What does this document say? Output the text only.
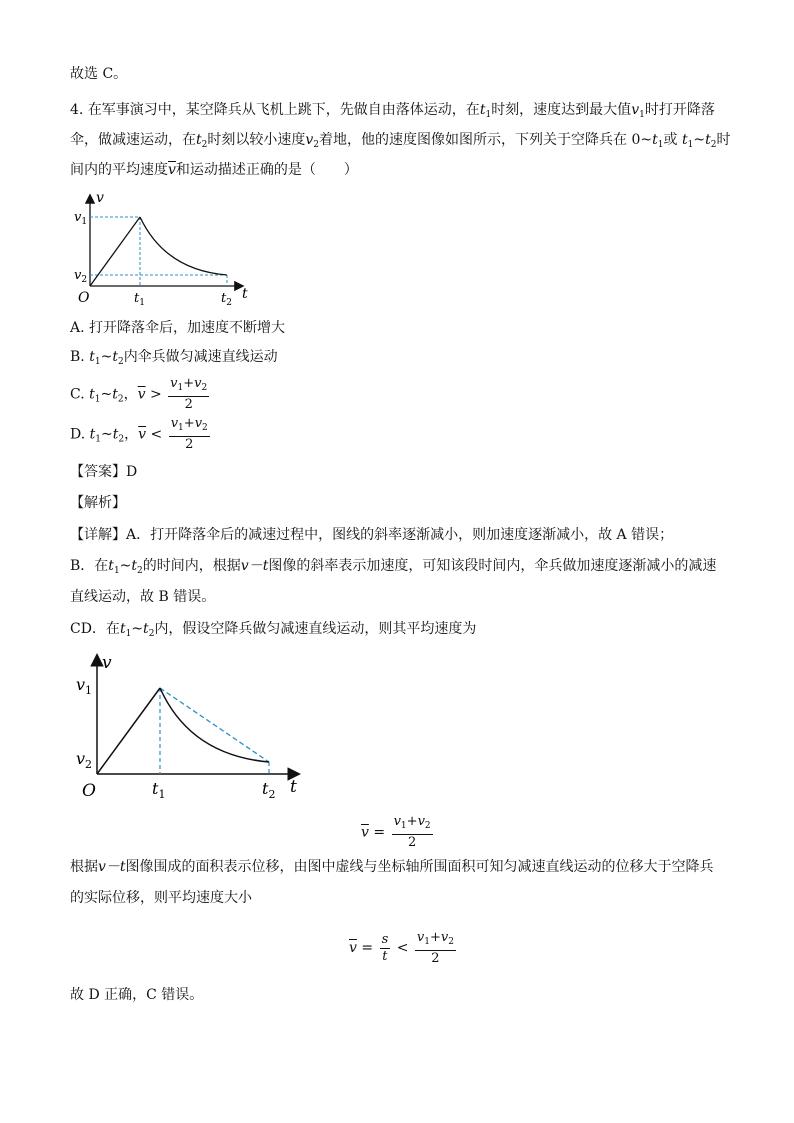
故选 C。
4. 在军事演习中，某空降兵从飞机上跳下，先做自由落体运动，在$t_1$时刻，速度达到最大值$v_1$时打开降落
伞，做减速运动，在$t_2$时刻以较小速度$v_2$着地，他的速度图像如图所示，下列关于空降兵在 $0\sim t_1$或 $t_1\sim t_2$时
间内的平均速度$\overline{v}$和运动描述正确的是（　　）
v
$v_1$
$v_2$
O	$t_1$	$t_2$
t
A. 打开降落伞后，加速度不断增大
B. $t_1\sim t_2$内伞兵做匀减速直线运动
C. $t_1\sim t_2$，$\overline{v} > \frac{v_1+v_2}{2}$
D. $t_1\sim t_2$，$\overline{v} < \frac{v_1+v_2}{2}$
【答案】D
【解析】
【详解】A．打开降落伞后的减速过程中，图线的斜率逐渐减小，则加速度逐渐减小，故 A 错误；
B．在$t_1\sim t_2$的时间内，根据v－t图像的斜率表示加速度，可知该段时间内，伞兵做加速度逐渐减小的减速
直线运动，故 B 错误。
CD．在$t_1\sim t_2$内，假设空降兵做匀减速直线运动，则其平均速度为
v
$v_1$
$v_2$
O	$t_1$	$t_2$ t
$\overline{v} = \frac{v_1+v_2}{2}$
根据v－t图像围成的面积表示位移，由图中虚线与坐标轴所围面积可知匀减速直线运动的位移大于空降兵
的实际位移，则平均速度大小
$\overline{v} = \frac{s}{t} < \frac{v_1+v_2}{2}$
故 D 正确，C 错误。
